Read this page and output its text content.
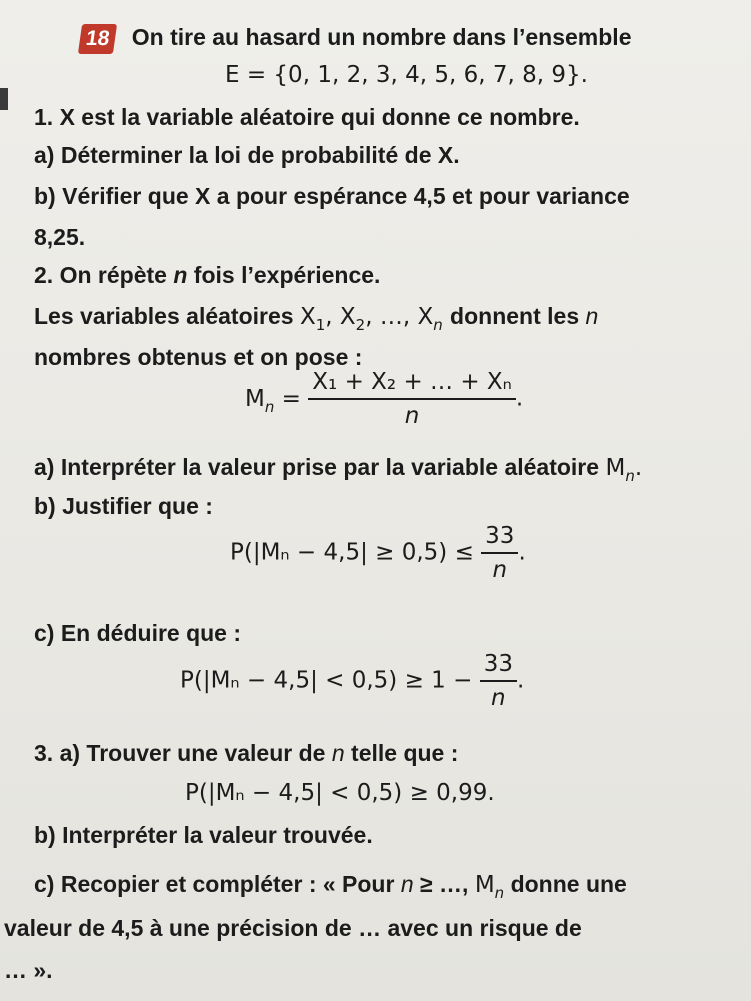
18 On tire au hasard un nombre dans l’ensemble
E = {0, 1, 2, 3, 4, 5, 6, 7, 8, 9}.
1. X est la variable aléatoire qui donne ce nombre.
a) Déterminer la loi de probabilité de X.
b) Vérifier que X a pour espérance 4,5 et pour variance
8,25.
2. On répète n fois l’expérience.
Les variables aléatoires $X_1$, $X_2$, …, $X_n$ donnent les n
nombres obtenus et on pose :
$M_n = \frac{\text{X₁ + X₂ + … + Xₙ}}{n}$ .
a) Interpréter la valeur prise par la variable aléatoire $M_n$.
b) Justifier que :
$P(|M_n - 4,5| \ge 0,5) \le \frac{33}{n}$ .
c) En déduire que :
$P(|M_n - 4,5| < 0,5) \ge 1 - \frac{33}{n}$ .
3. a) Trouver une valeur de n telle que :
P(|Mₙ − 4,5| < 0,5) ≥ 0,99.
b) Interpréter la valeur trouvée.
c) Recopier et compléter : « Pour n ≥ …, $M_n$ donne une
valeur de 4,5 à une précision de … avec un risque de
… ».
